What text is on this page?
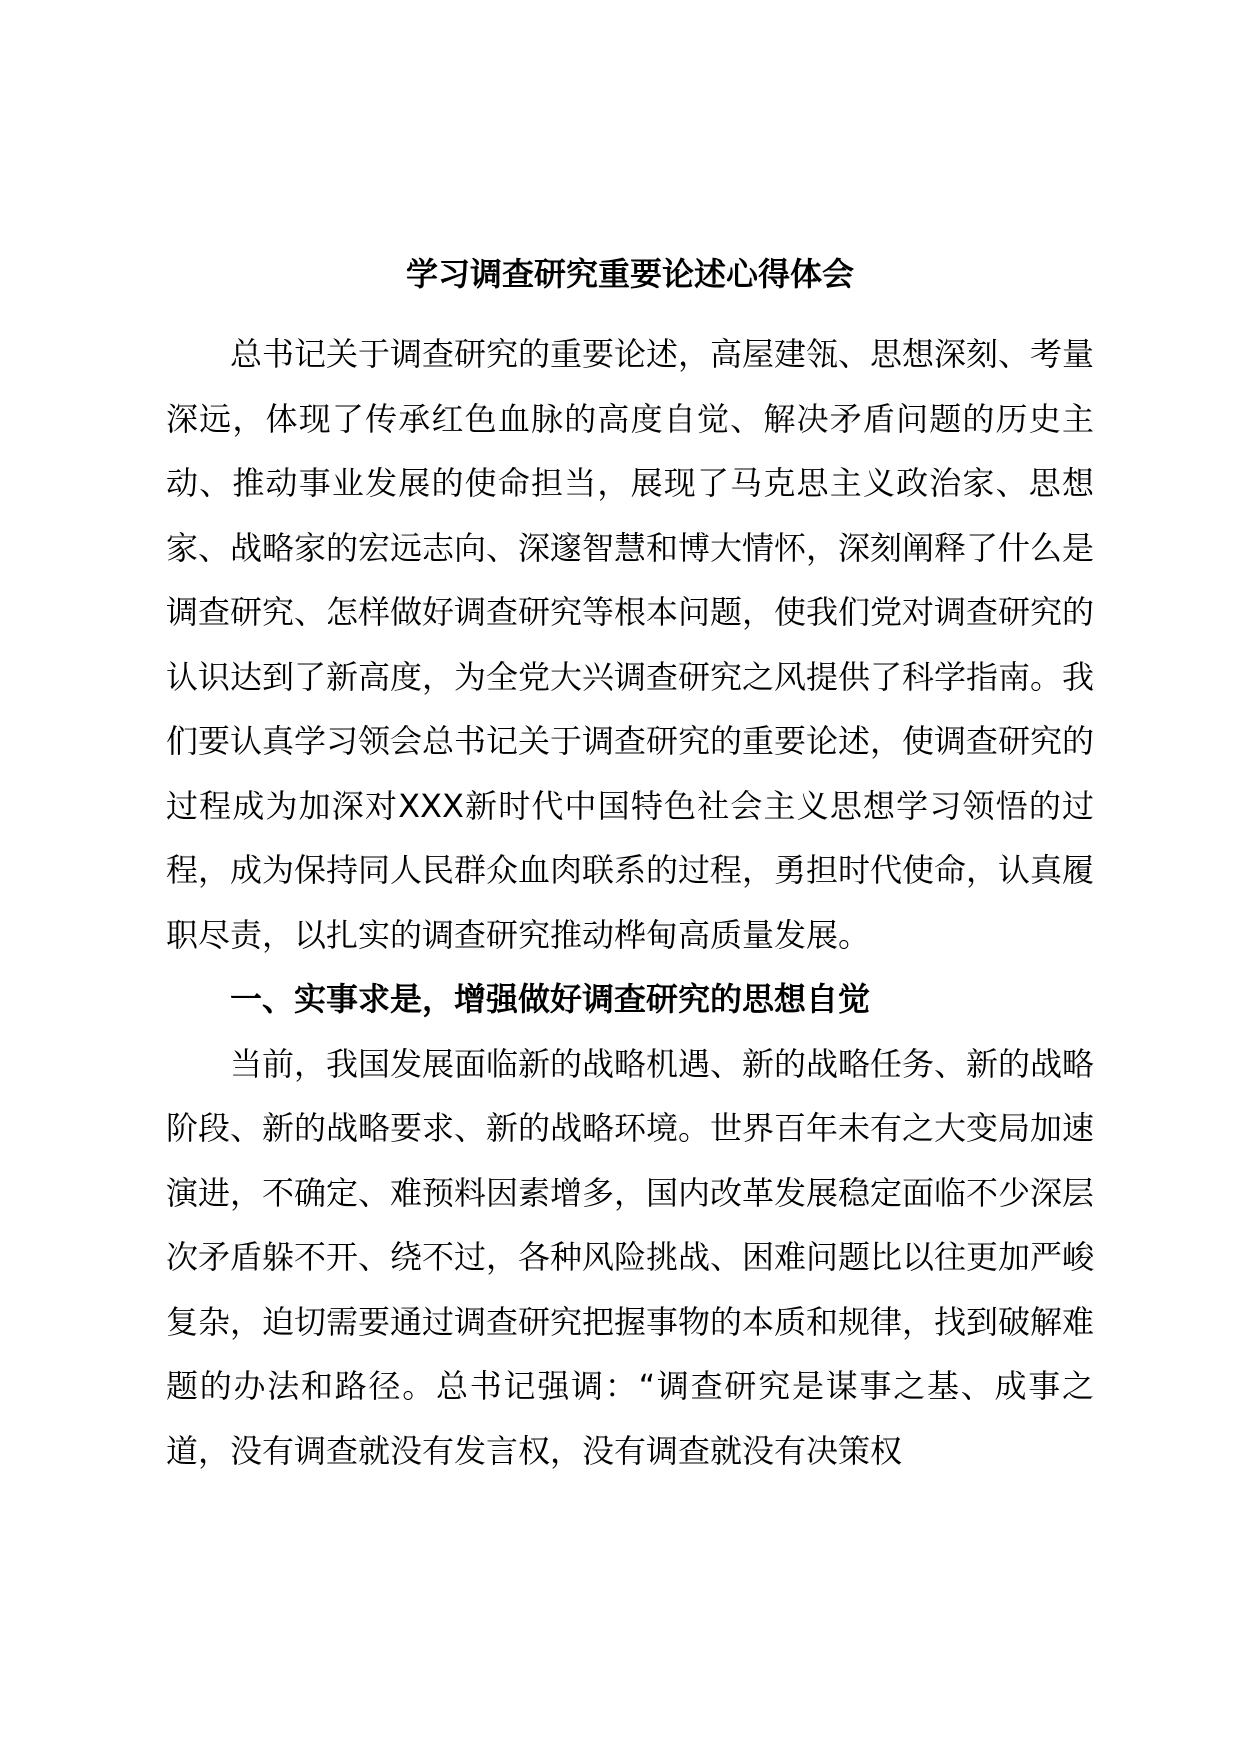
学习调查研究重要论述心得体会

总书记关于调查研究的重要论述，高屋建瓴、思想深刻、考量深远，体现了传承红色血脉的高度自觉、解决矛盾问题的历史主动、推动事业发展的使命担当，展现了马克思主义政治家、思想家、战略家的宏远志向、深邃智慧和博大情怀，深刻阐释了什么是调查研究、怎样做好调查研究等根本问题，使我们党对调查研究的认识达到了新高度，为全党大兴调查研究之风提供了科学指南。我们要认真学习领会总书记关于调查研究的重要论述，使调查研究的过程成为加深对XXX新时代中国特色社会主义思想学习领悟的过程，成为保持同人民群众血肉联系的过程，勇担时代使命，认真履职尽责，以扎实的调查研究推动桦甸高质量发展。

一、实事求是，增强做好调查研究的思想自觉

当前，我国发展面临新的战略机遇、新的战略任务、新的战略阶段、新的战略要求、新的战略环境。世界百年未有之大变局加速演进，不确定、难预料因素增多，国内改革发展稳定面临不少深层次矛盾躲不开、绕不过，各种风险挑战、困难问题比以往更加严峻复杂，迫切需要通过调查研究把握事物的本质和规律，找到破解难题的办法和路径。总书记强调：“调查研究是谋事之基、成事之道，没有调查就没有发言权，没有调查就没有决策权
